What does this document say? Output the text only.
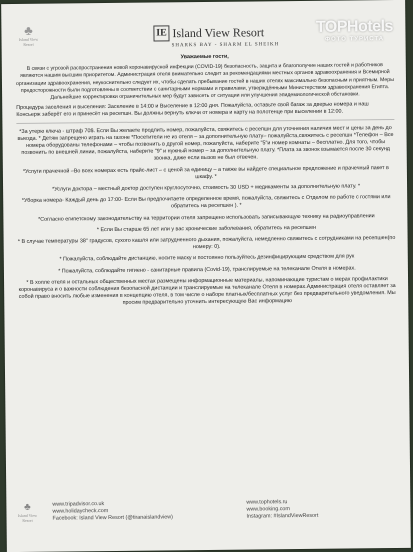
♣
Island View
Resort
IE Island View Resort
SHARKS BAY - SHARM EL SHEIKH
TOPHotels
ФОТО ТУРИСТА

Уважаемые гости,

В связи с угрозой распространения новой коронавирусной инфекции (COVID-19) безопасность, защита и благополучие наших гостей и работников являются нашим высшим приоритетом. Администрация отеля внимательно следит за рекомендациями местных органов здравоохранения и Всемирной организации здравоохранения, неукоснительно следует их, чтобы сделать пребывание гостей в наших отелях максимально безопасным и приятным. Меры предосторожности были подготовлены в соответствии с санитарными нормами и правилами, утверждёнными Министерством здравоохранения Египта. Дальнейшие корректировки ограничительных мер будут зависеть от ситуации или улучшения эпидемиологической обстановки.

Процедура заселения и выселения: Заселение в 14:00 и Выселение в 12:00 дня. Пожалуйста, оставьте свой багаж за дверью номера и наш Консьерж заберёт его и принесёт на ресепшн. Вы должны вернуть ключи от номера и карту на полотенце при выселении в 12:00.

*За утерю ключа - штраф 70$. Если Вы желаете продлить номер, пожалуйста, свяжитесь с ресепшн для уточнения наличия мест и цены за день до выезда. * Детям запрещено играть на газоне *Посетители не из отеля – за дополнительную плату– пожалуйста,свяжитесь с ресепшн *Телефон – Все номера оборудованы телефонами – чтобы позвонить в другой номер, пожалуйста, наберите "5"и номер комнаты – бесплатно. Для того, чтобы позвонить по внешней линии, пожалуйста, наберите "9" и нужный номер – за дополнительную плату. *Плата за звонок взымается после 30 секунд звонка, даже если вызов не был отвечен.

*Услуги прачечной –Во всех номерах есть прайс-лист – с ценой за единицу – а также вы найдете специальное предложение и прачечный пакет в шкафу. *

*Услуги доктора – местный доктор доступен круглосуточно, стоимость 30 USD + медикаменты за дополнительную плату. *

*Уборка номера- Каждый день до 17:00- Если Вы предпочитаете определенное время, пожалуйста, свяжитесь с Отделом по работе с гостями или обратитесь на ресепшен ). *

*Согласно египетскому законодательству на территории отеля запрещено использовать записывающую технику на радиоуправлении

* Если Вы старше 65 лет или у вас хронические заболевания, обратитесь на ресепшен

* В случае температуры 38° градусов, сухого кашля или затрудненного дыхания, пожалуйста, немедленно свяжитесь с сотрудниками на ресепшен(по номеру: 0).

* Пожалуйста, соблюдайте дистанцию, носите маску и постоянно пользуйтесь дезинфицирующим средством для рук

* Пожалуйста, соблюдайте гигиено - санитарные правила (Covid-19), транслируемые на телеканале Отеля в номерах.

* В холле отеля и остальных общественных местах размещены информационные материалы, напоминающие туристам о мерах профилактики коронавируса и о важности соблюдения безопасной дистанции и транслируемые на телеканале Отеля в номерах.Администрация отеля оставляет за собой право вносить любые изменения в концепцию отеля, в том числе о наборе платных/бесплатных услуг без предварительного уведомления. Мы просим предварительно уточнить интересующую Вас информацию

♣
Island View Resort
www.tripadvisor.co.uk
www.holidaycheck.com
Facebook: Island View Resort (@tiranaislandview)
www.tophotels.ru
www.booking.com
Instagram: #IslandViewResort
